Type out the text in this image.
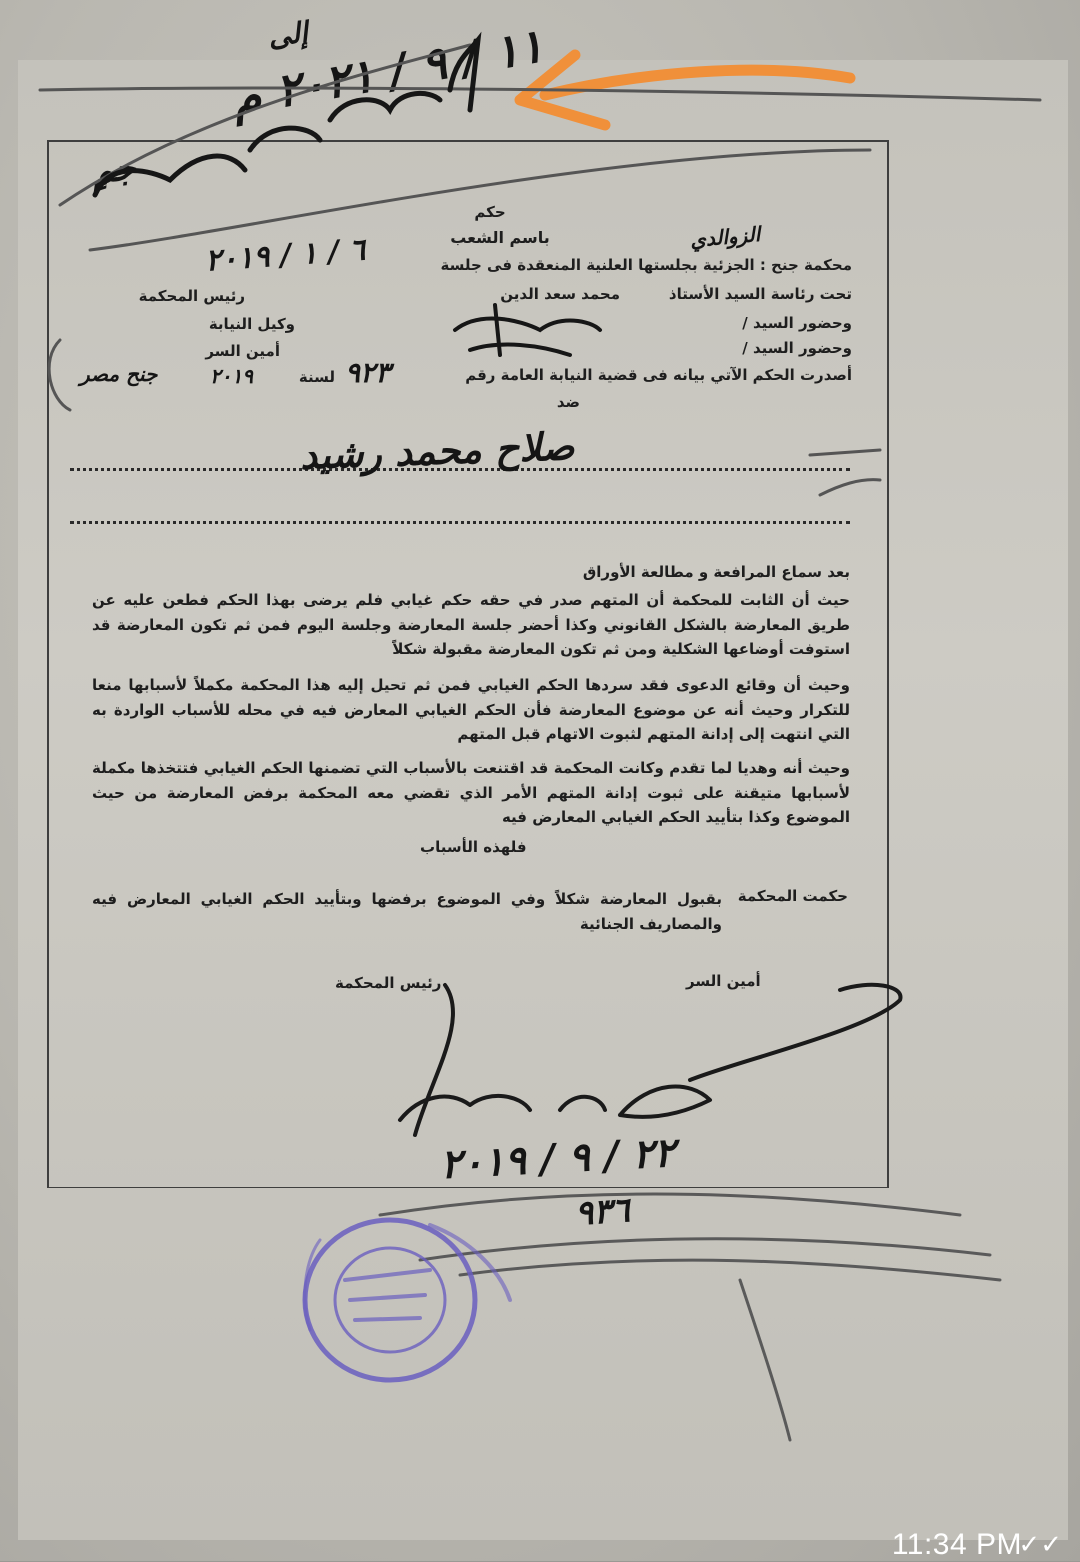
حكم
باسم الشعب
محكمة جنح : الجزئية بجلستها العلنية المنعقدة فى جلسة
تحت رئاسة السيد الأستاذ
محمد سعد الدين
رئيس المحكمة
وحضور السيد /
وكيل النيابة
وحضور السيد /
أمين السر
أصدرت الحكم الآتي بيانه فى قضية النيابة العامة رقم
لسنة
ضد
بعد سماع المرافعة و مطالعة الأوراق
حيث أن الثابت للمحكمة أن المتهم صدر في حقه حكم غيابي فلم يرضى بهذا الحكم فطعن عليه عن طريق المعارضة بالشكل القانوني وكذا أحضر جلسة المعارضة وجلسة اليوم فمن ثم تكون المعارضة قد استوفت أوضاعها الشكلية ومن ثم تكون المعارضة مقبولة شكلاً
وحيث أن وقائع الدعوى فقد سردها الحكم الغيابي فمن ثم تحيل إليه هذا المحكمة مكملاً لأسبابها منعا للتكرار وحيث أنه عن موضوع المعارضة فأن الحكم الغيابي المعارض فيه في محله للأسباب الواردة به التي انتهت إلى إدانة المتهم لثبوت الاتهام قبل المتهم
وحيث أنه وهديا لما تقدم وكانت المحكمة قد اقتنعت بالأسباب التي تضمنها الحكم الغيابي فتتخذها مكملة لأسبابها متيقنة على ثبوت إدانة المتهم الأمر الذي تقضي معه المحكمة برفض المعارضة من حيث الموضوع وكذا بتأييد الحكم الغيابي المعارض فيه
فلهذه الأسباب
حكمت المحكمة
بقبول المعارضة شكلاً وفي الموضوع برفضها وبتأييد الحكم الغيابي المعارض فيه والمصاريف الجنائية
أمين السر
رئيس المحكمة
١١ / ٩ / ٢٠٢١ م
إلى
ٍجم
٦ / ١ / ٢٠١٩	الزوالدي
٩٢٣
٢٠١٩
جنح مصر
صلاح محمد رشيد
٢٢ / ٩ / ٢٠١٩
٩٣٦
11:34 PM
✓✓
